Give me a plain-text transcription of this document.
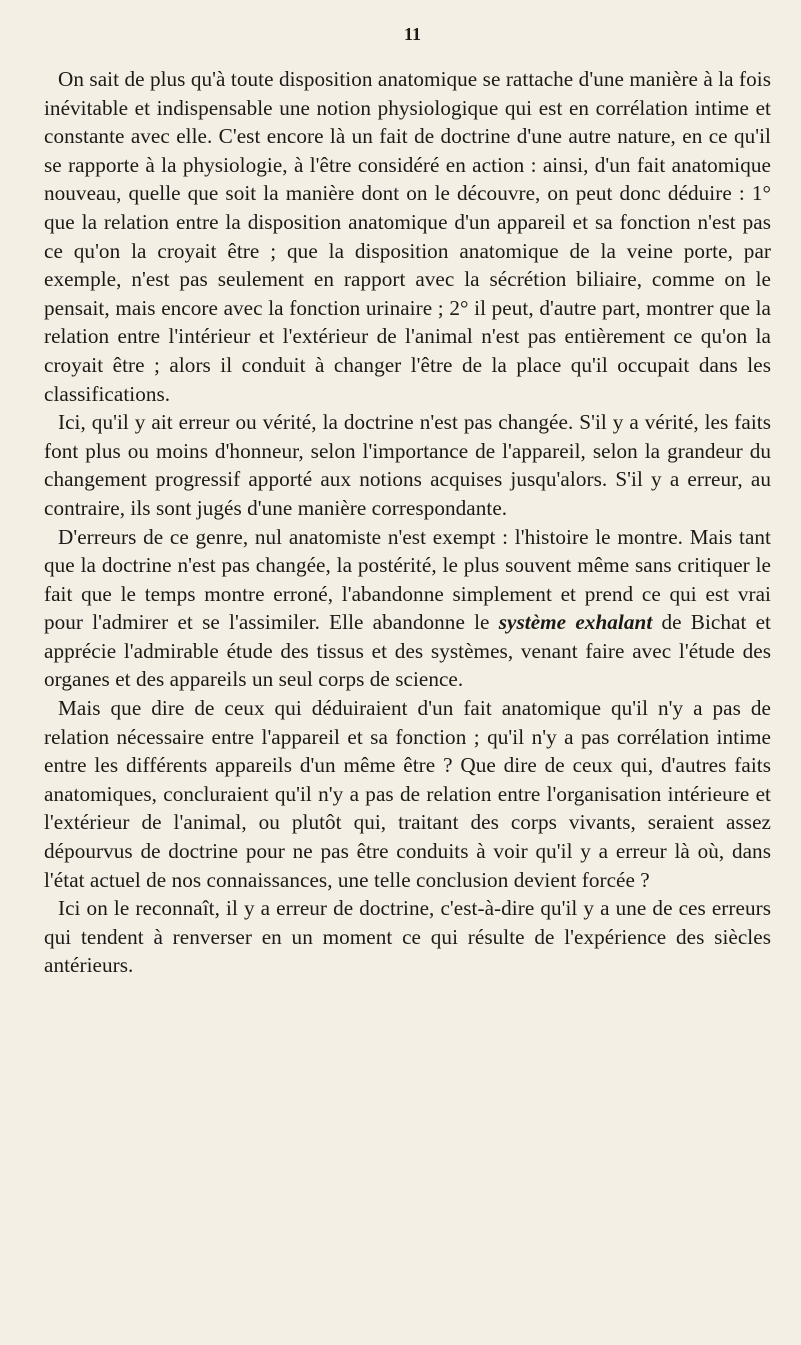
11

On sait de plus qu'à toute disposition anatomique se rattache d'une manière à la fois inévitable et indispensable une notion physiologique qui est en corrélation intime et constante avec elle. C'est encore là un fait de doctrine d'une autre nature, en ce qu'il se rapporte à la physiologie, à l'être considéré en action : ainsi, d'un fait anatomique nouveau, quelle que soit la manière dont on le découvre, on peut donc déduire : 1° que la relation entre la disposition anatomique d'un appareil et sa fonction n'est pas ce qu'on la croyait être ; que la disposition anatomique de la veine porte, par exemple, n'est pas seulement en rapport avec la sécrétion biliaire, comme on le pensait, mais encore avec la fonction urinaire ; 2° il peut, d'autre part, montrer que la relation entre l'intérieur et l'extérieur de l'animal n'est pas entièrement ce qu'on la croyait être ; alors il conduit à changer l'être de la place qu'il occupait dans les classifications.

Ici, qu'il y ait erreur ou vérité, la doctrine n'est pas changée. S'il y a vérité, les faits font plus ou moins d'honneur, selon l'importance de l'appareil, selon la grandeur du changement progressif apporté aux notions acquises jusqu'alors. S'il y a erreur, au contraire, ils sont jugés d'une manière correspondante.

D'erreurs de ce genre, nul anatomiste n'est exempt : l'histoire le montre. Mais tant que la doctrine n'est pas changée, la postérité, le plus souvent même sans critiquer le fait que le temps montre erroné, l'abandonne simplement et prend ce qui est vrai pour l'admirer et se l'assimiler. Elle abandonne le système exhalant de Bichat et apprécie l'admirable étude des tissus et des systèmes, venant faire avec l'étude des organes et des appareils un seul corps de science.

Mais que dire de ceux qui déduiraient d'un fait anatomique qu'il n'y a pas de relation nécessaire entre l'appareil et sa fonction ; qu'il n'y a pas corrélation intime entre les différents appareils d'un même être ? Que dire de ceux qui, d'autres faits anatomiques, concluraient qu'il n'y a pas de relation entre l'organisation intérieure et l'extérieur de l'animal, ou plutôt qui, traitant des corps vivants, seraient assez dépourvus de doctrine pour ne pas être conduits à voir qu'il y a erreur là où, dans l'état actuel de nos connaissances, une telle conclusion devient forcée ?

Ici on le reconnaît, il y a erreur de doctrine, c'est-à-dire qu'il y a une de ces erreurs qui tendent à renverser en un moment ce qui résulte de l'expérience des siècles antérieurs.
